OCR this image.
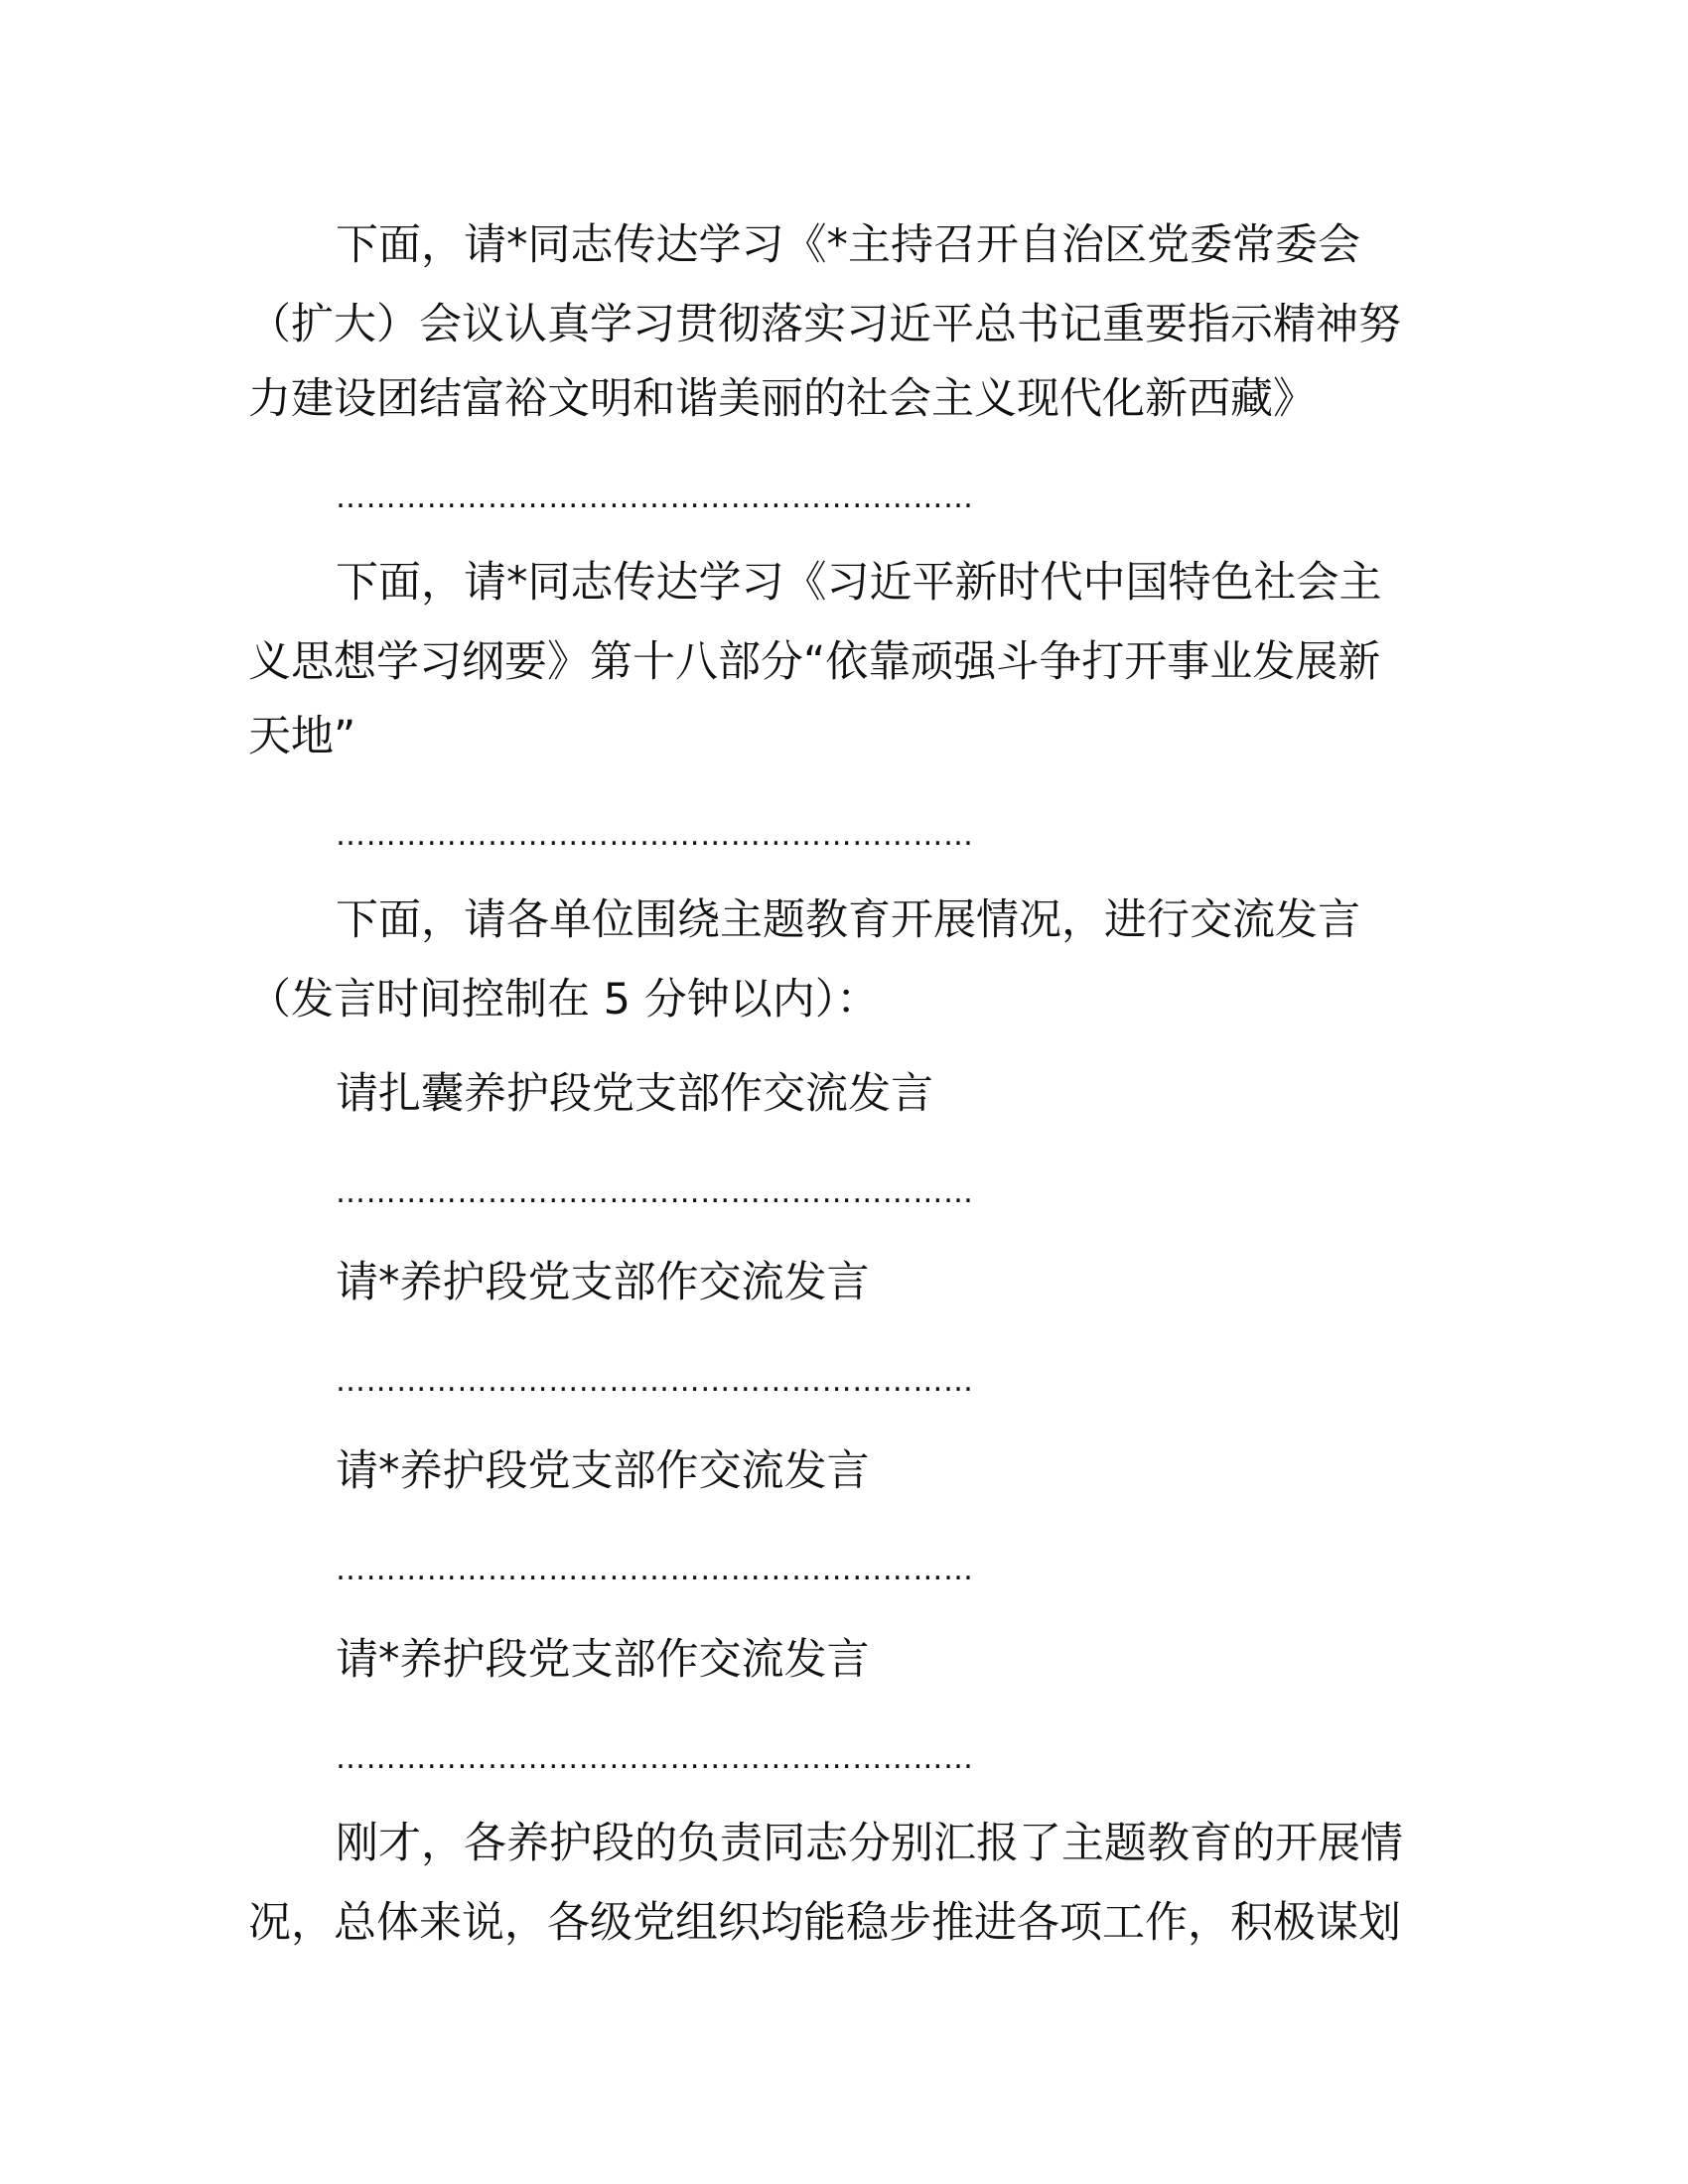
下面，请*同志传达学习《*主持召开自治区党委常委会
（扩大）会议认真学习贯彻落实习近平总书记重要指示精神努
力建设团结富裕文明和谐美丽的社会主义现代化新西藏》
………………………………………………………
下面，请*同志传达学习《习近平新时代中国特色社会主
义思想学习纲要》第十八部分“依靠顽强斗争打开事业发展新
天地”
………………………………………………………
下面，请各单位围绕主题教育开展情况，进行交流发言
（发言时间控制在 5 分钟以内）：
请扎囊养护段党支部作交流发言
………………………………………………………
请*养护段党支部作交流发言
………………………………………………………
请*养护段党支部作交流发言
………………………………………………………
请*养护段党支部作交流发言
………………………………………………………
刚才，各养护段的负责同志分别汇报了主题教育的开展情
况，总体来说，各级党组织均能稳步推进各项工作，积极谋划
